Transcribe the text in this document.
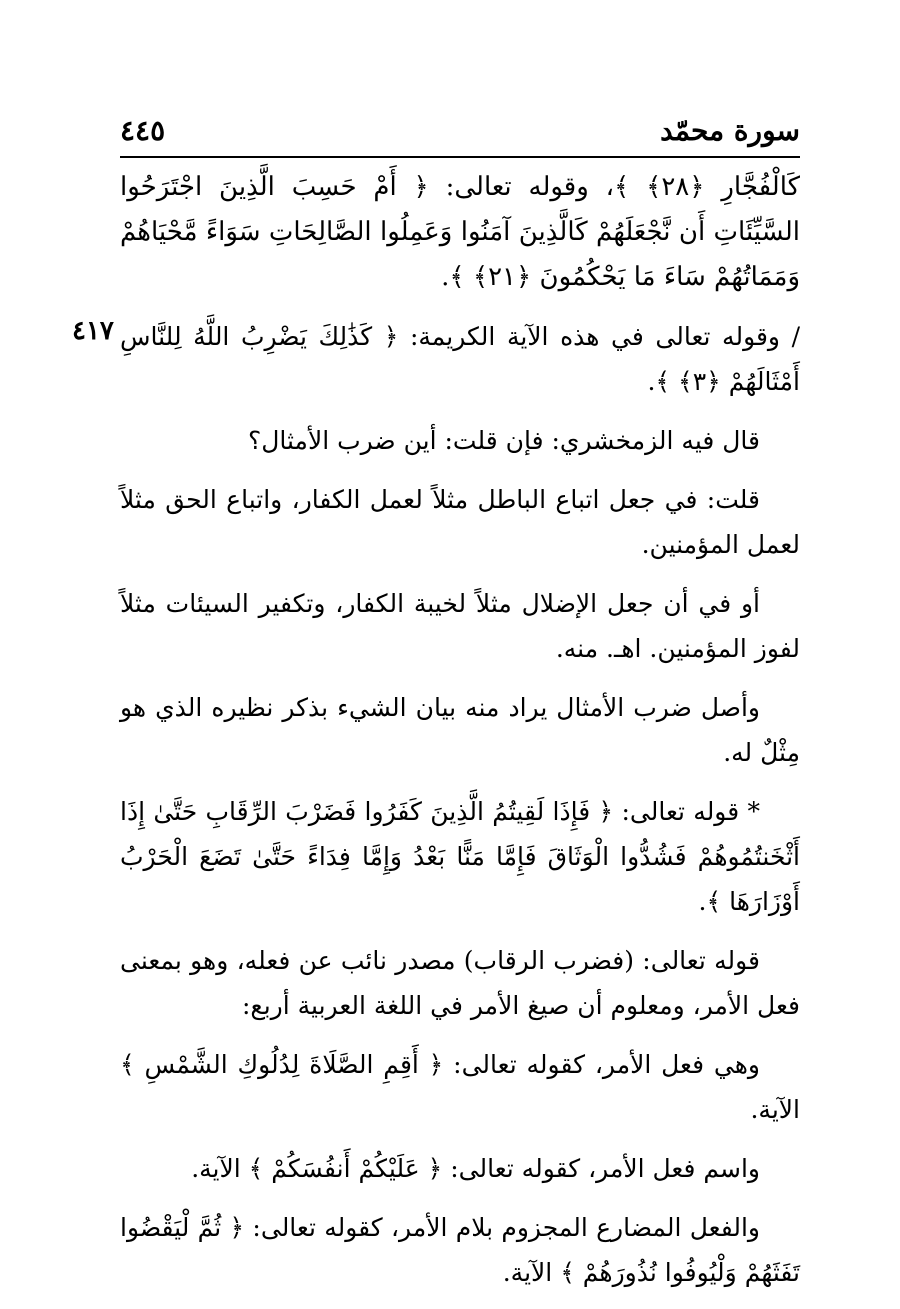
سورة محمّد
٤٤٥
٤١٧

كَالْفُجَّارِ ﴿٢٨﴾ ﴾، وقوله تعالى: ﴿ أَمْ حَسِبَ الَّذِينَ اجْتَرَحُوا السَّيِّئَاتِ أَن نَّجْعَلَهُمْ كَالَّذِينَ آمَنُوا وَعَمِلُوا الصَّالِحَاتِ سَوَاءً مَّحْيَاهُمْ وَمَمَاتُهُمْ سَاءَ مَا يَحْكُمُونَ ﴿٢١﴾ ﴾.

/ وقوله تعالى في هذه الآية الكريمة: ﴿ كَذَٰلِكَ يَضْرِبُ اللَّهُ لِلنَّاسِ أَمْثَالَهُمْ ﴿٣﴾ ﴾.

قال فيه الزمخشري: فإن قلت: أين ضرب الأمثال؟

قلت: في جعل اتباع الباطل مثلاً لعمل الكفار، واتباع الحق مثلاً لعمل المؤمنين.

أو في أن جعل الإضلال مثلاً لخيبة الكفار، وتكفير السيئات مثلاً لفوز المؤمنين. اهـ. منه.

وأصل ضرب الأمثال يراد منه بيان الشيء بذكر نظيره الذي هو مِثْلٌ له.

* قوله تعالى: ﴿ فَإِذَا لَقِيتُمُ الَّذِينَ كَفَرُوا فَضَرْبَ الرِّقَابِ حَتَّىٰ إِذَا أَثْخَنتُمُوهُمْ فَشُدُّوا الْوَثَاقَ فَإِمَّا مَنًّا بَعْدُ وَإِمَّا فِدَاءً حَتَّىٰ تَضَعَ الْحَرْبُ أَوْزَارَهَا ﴾.

قوله تعالى: (فضرب الرقاب) مصدر نائب عن فعله، وهو بمعنى فعل الأمر، ومعلوم أن صيغ الأمر في اللغة العربية أربع:

وهي فعل الأمر، كقوله تعالى: ﴿ أَقِمِ الصَّلَاةَ لِدُلُوكِ الشَّمْسِ ﴾ الآية.

واسم فعل الأمر، كقوله تعالى: ﴿ عَلَيْكُمْ أَنفُسَكُمْ ﴾ الآية.

والفعل المضارع المجزوم بلام الأمر، كقوله تعالى: ﴿ ثُمَّ لْيَقْضُوا تَفَثَهُمْ وَلْيُوفُوا نُذُورَهُمْ ﴾ الآية.
